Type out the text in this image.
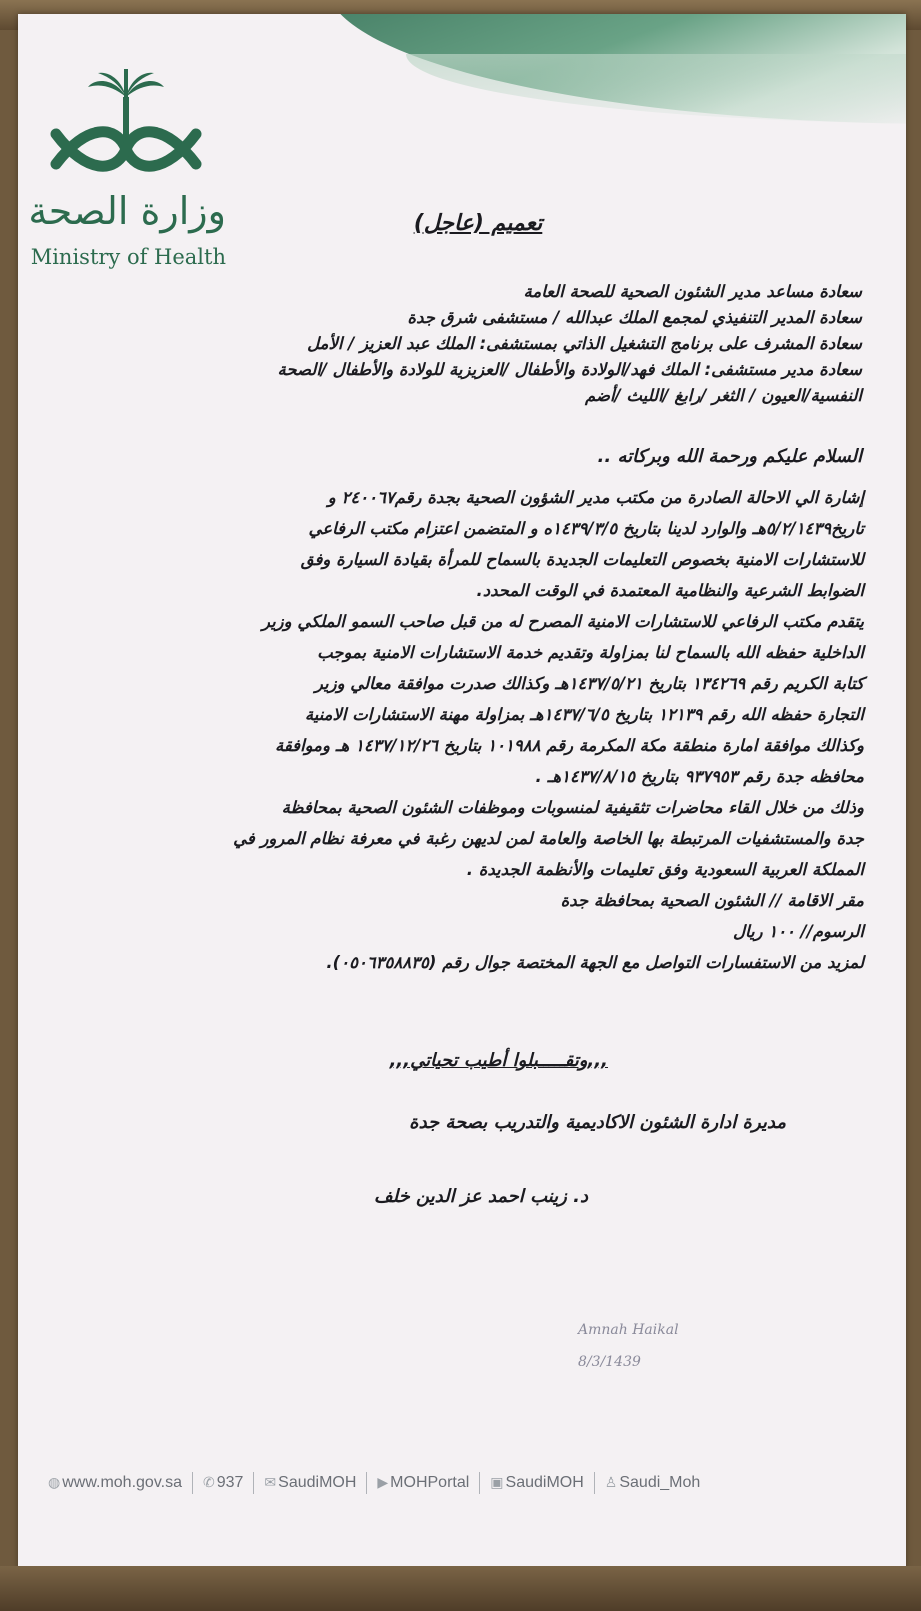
وزارة الصحة
Ministry of Health
تعميم (عاجل)
سعادة مساعد مدير الشئون الصحية للصحة العامة
سعادة المدير التنفيذي لمجمع الملك عبدالله / مستشفى شرق جدة
سعادة المشرف على برنامج التشغيل الذاتي بمستشفى: الملك عبد العزيز / الأمل
سعادة مدير مستشفى: الملك فهد/الولادة والأطفال /العزيزية للولادة والأطفال /الصحة
النفسية/العيون / الثغر /رابغ /الليث /أضم
السلام عليكم ورحمة الله وبركاته ..
إشارة الي الاحالة الصادرة من مكتب مدير الشؤون الصحية بجدة رقم٢٤٠٠٦٧ و
تاريخ٥/٢/١٤٣٩هـ والوارد لدينا بتاريخ ١٤٣٩/٣/٥ه و المتضمن اعتزام مكتب الرفاعي
للاستشارات الامنية بخصوص التعليمات الجديدة بالسماح للمرأة بقيادة السيارة وفق
الضوابط الشرعية والنظامية المعتمدة في الوقت المحدد.
يتقدم مكتب الرفاعي للاستشارات الامنية المصرح له من قبل صاحب السمو الملكي وزير
الداخلية حفظه الله بالسماح لنا بمزاولة وتقديم خدمة الاستشارات الامنية بموجب
كتابة الكريم رقم ١٣٤٢٦٩ بتاريخ ١٤٣٧/٥/٢١هـ وكذالك صدرت موافقة معالي وزير
التجارة حفظه الله رقم ١٢١٣٩ بتاريخ ١٤٣٧/٦/٥هـ بمزاولة مهنة الاستشارات الامنية
وكذالك موافقة امارة منطقة مكة المكرمة رقم ١٠١٩٨٨ بتاريخ ١٤٣٧/١٢/٢٦ هـ وموافقة
محافظه جدة رقم ٩٣٧٩٥٣ بتاريخ ١٤٣٧/٨/١٥هـ .
وذلك من خلال القاء محاضرات تثقيفية لمنسوبات وموظفات الشئون الصحية بمحافظة
جدة والمستشفيات المرتبطة بها الخاصة والعامة لمن لديهن رغبة في معرفة نظام المرور في
المملكة العربية السعودية وفق تعليمات والأنظمة الجديدة .
مقر الاقامة // الشئون الصحية بمحافظة جدة
الرسوم// ١٠٠ ريال
لمزيد من الاستفسارات التواصل مع الجهة المختصة جوال رقم (٠٥٠٦٣٥٨٨٣٥).
,,,وتقـــــبلوا أطيب تحياتي,,,
مديرة ادارة الشئون الاكاديمية والتدريب بصحة جدة
د. زينب احمد عز الدين خلف
Amnah Haikal
8/3/1439
◍ www.moh.gov.sa ✆ 937 ✉ SaudiMOH ▶ MOHPortal ▣ SaudiMOH ♙ Saudi_Moh
